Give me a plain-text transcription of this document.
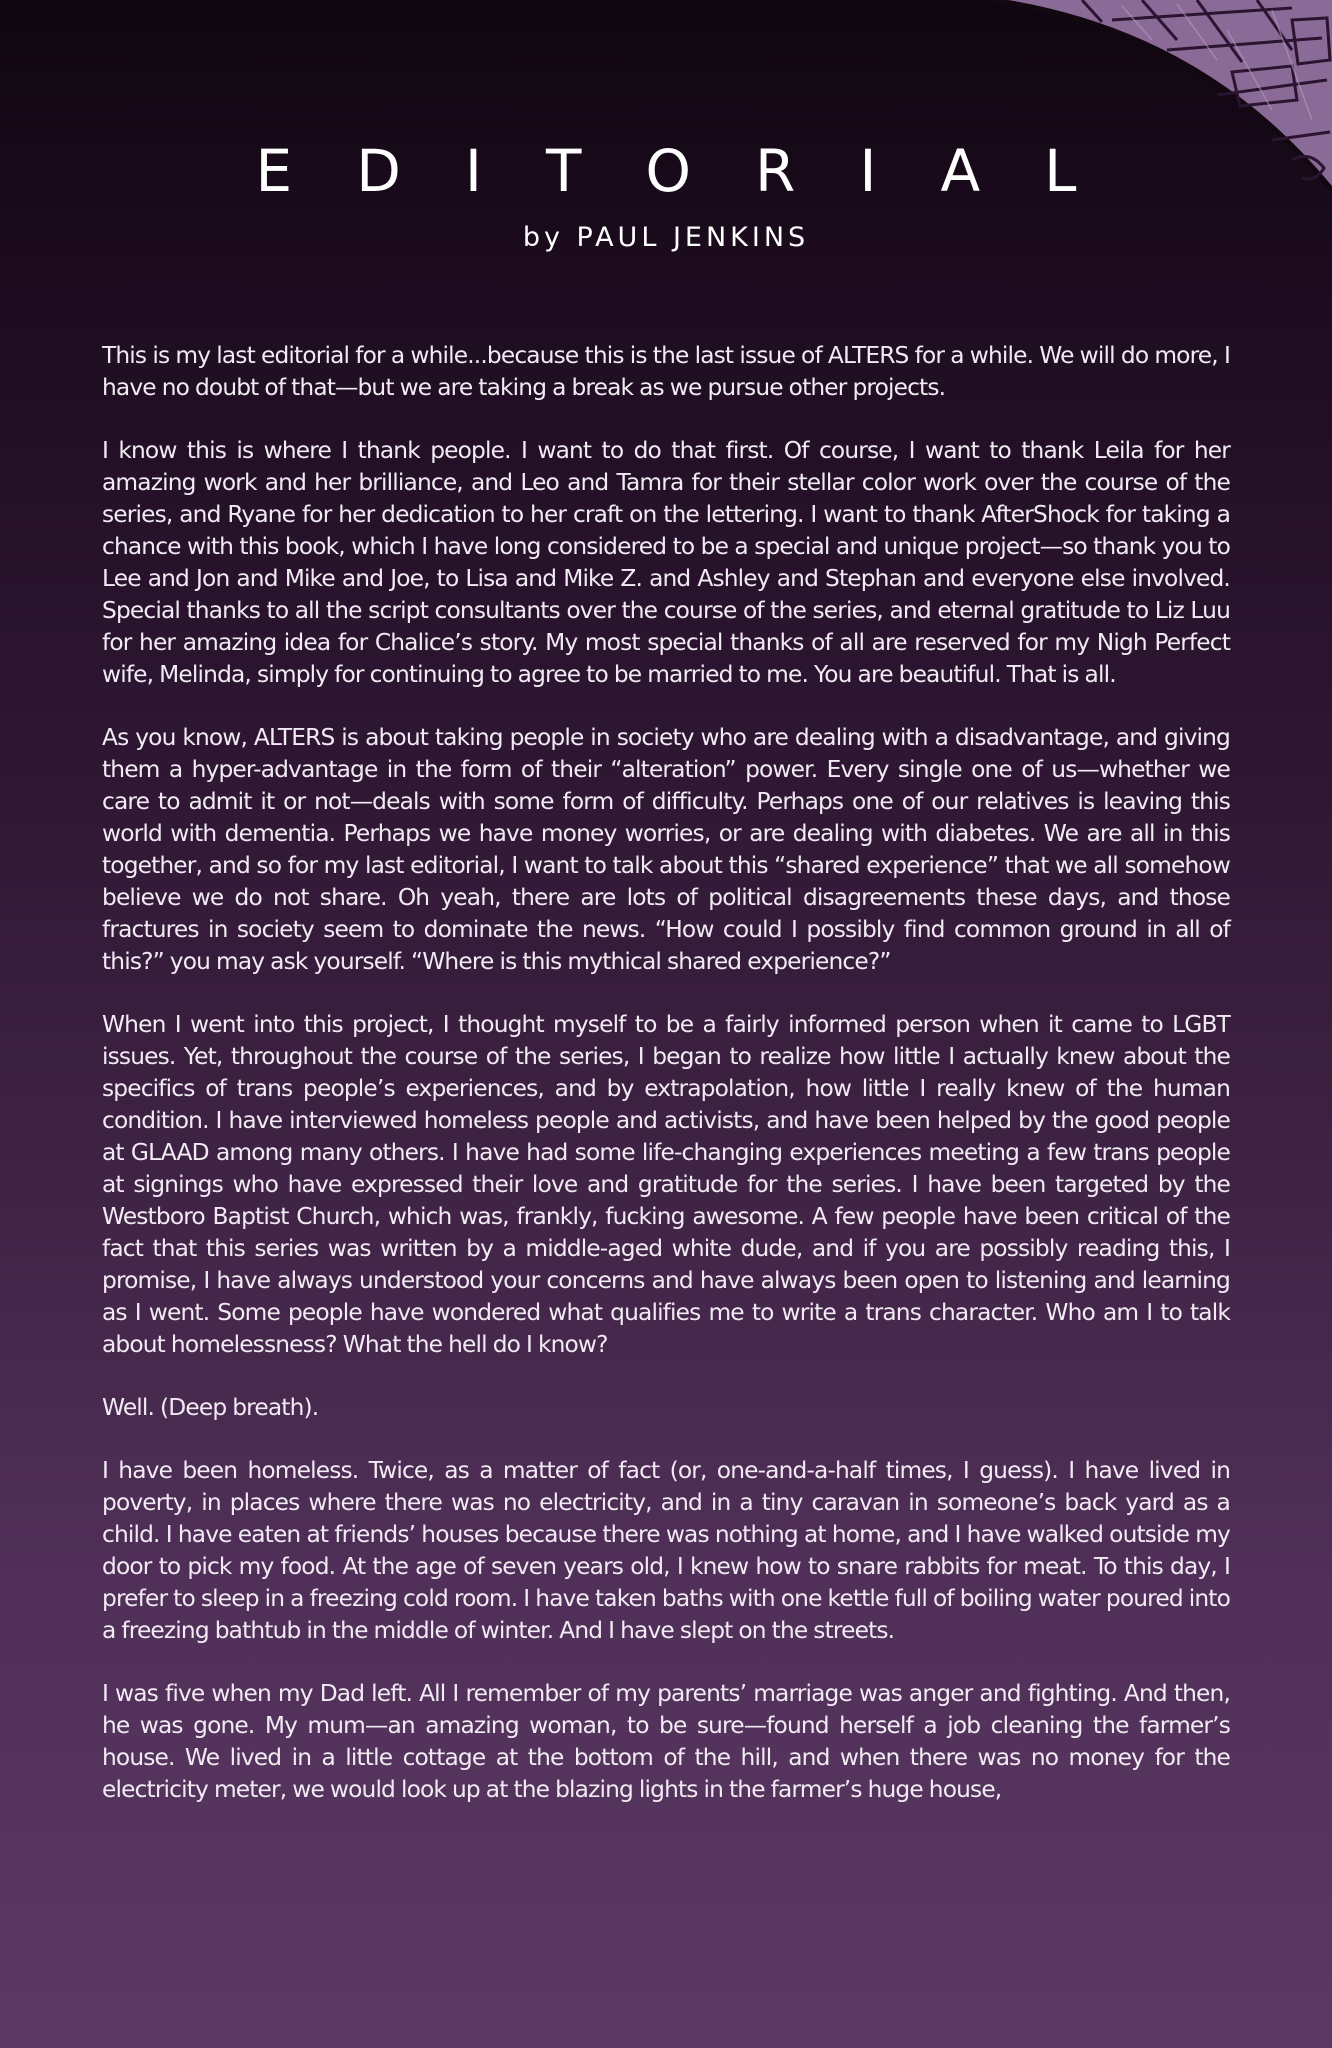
EDITORIAL
by PAUL JENKINS

This is my last editorial for a while...because this is the last issue of ALTERS for a while. We will do more, I have no doubt of that—but we are taking a break as we pursue other projects.

I know this is where I thank people. I want to do that first. Of course, I want to thank Leila for her amazing work and her brilliance, and Leo and Tamra for their stellar color work over the course of the series, and Ryane for her dedication to her craft on the lettering. I want to thank AfterShock for taking a chance with this book, which I have long considered to be a special and unique project—so thank you to Lee and Jon and Mike and Joe, to Lisa and Mike Z. and Ashley and Stephan and everyone else involved. Special thanks to all the script consultants over the course of the series, and eternal gratitude to Liz Luu for her amazing idea for Chalice’s story. My most special thanks of all are reserved for my Nigh Perfect wife, Melinda, simply for continuing to agree to be married to me. You are beautiful. That is all.

As you know, ALTERS is about taking people in society who are dealing with a disadvantage, and giving them a hyper-advantage in the form of their “alteration” power. Every single one of us—whether we care to admit it or not—deals with some form of difficulty. Perhaps one of our relatives is leaving this world with dementia. Perhaps we have money worries, or are dealing with diabetes. We are all in this together, and so for my last editorial, I want to talk about this “shared experience” that we all somehow believe we do not share. Oh yeah, there are lots of political disagreements these days, and those fractures in society seem to dominate the news. “How could I possibly find common ground in all of this?” you may ask yourself. “Where is this mythical shared experience?”

When I went into this project, I thought myself to be a fairly informed person when it came to LGBT issues. Yet, throughout the course of the series, I began to realize how little I actually knew about the specifics of trans people’s experiences, and by extrapolation, how little I really knew of the human condition. I have interviewed homeless people and activists, and have been helped by the good people at GLAAD among many others. I have had some life-changing experiences meeting a few trans people at signings who have expressed their love and gratitude for the series. I have been targeted by the Westboro Baptist Church, which was, frankly, fucking awesome. A few people have been critical of the fact that this series was written by a middle-aged white dude, and if you are possibly reading this, I promise, I have always understood your concerns and have always been open to listening and learning as I went. Some people have wondered what qualifies me to write a trans character. Who am I to talk about homelessness? What the hell do I know?

Well. (Deep breath).

I have been homeless. Twice, as a matter of fact (or, one-and-a-half times, I guess). I have lived in poverty, in places where there was no electricity, and in a tiny caravan in someone’s back yard as a child. I have eaten at friends’ houses because there was nothing at home, and I have walked outside my door to pick my food. At the age of seven years old, I knew how to snare rabbits for meat. To this day, I prefer to sleep in a freezing cold room. I have taken baths with one kettle full of boiling water poured into a freezing bathtub in the middle of winter. And I have slept on the streets.

I was five when my Dad left. All I remember of my parents’ marriage was anger and fighting. And then, he was gone. My mum—an amazing woman, to be sure—found herself a job cleaning the farmer’s house. We lived in a little cottage at the bottom of the hill, and when there was no money for the electricity meter, we would look up at the blazing lights in the farmer’s huge house,
